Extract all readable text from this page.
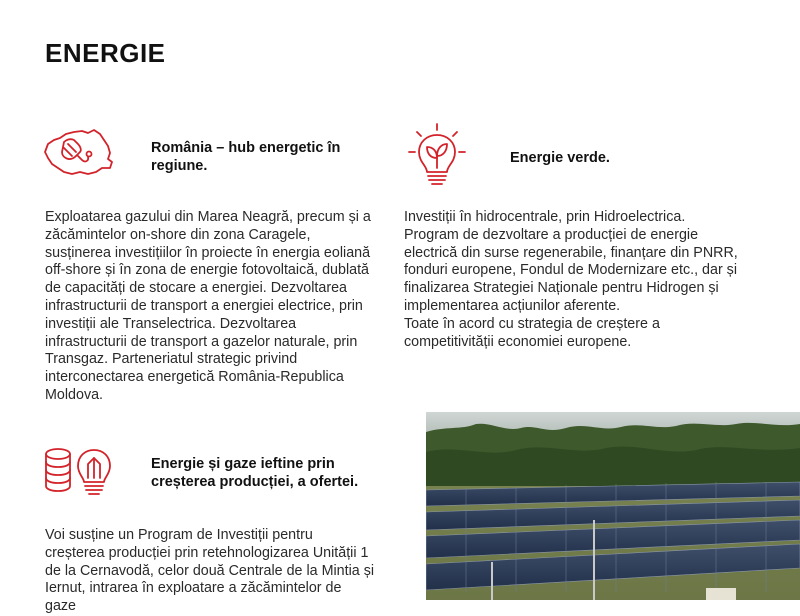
ENERGIE
România – hub energetic în regiune.
Exploatarea gazului din Marea Neagră, precum și a zăcămintelor on-shore din zona Caragele, susținerea investițiilor în proiecte în energia eoliană off-shore și în zona de energie fotovoltaică, dublată de capacități de stocare a energiei. Dezvoltarea infrastructurii de transport a energiei electrice, prin investiții ale Transelectrica. Dezvoltarea infrastructurii de transport a gazelor naturale, prin Transgaz. Parteneriatul strategic privind interconectarea energetică România-Republica Moldova.
Energie verde.

Investiții în hidrocentrale, prin Hidroelectrica. Program de dezvoltare a producției de energie electrică din surse regenerabile, finanțare din PNRR, fonduri europene, Fondul de Modernizare etc., dar și finalizarea Strategiei Naționale pentru Hidrogen și implementarea acțiunilor aferente.

Toate în acord cu strategia de creștere a competitivității economiei europene.

Energie și gaze ieftine prin creșterea producției, a ofertei.
Voi susține un Program de Investiții pentru creșterea producției prin retehnologizarea Unității 1 de la Cernavodă, celor două Centrale de la Mintia și Iernut, intrarea în exploatare a zăcămintelor de gaze
